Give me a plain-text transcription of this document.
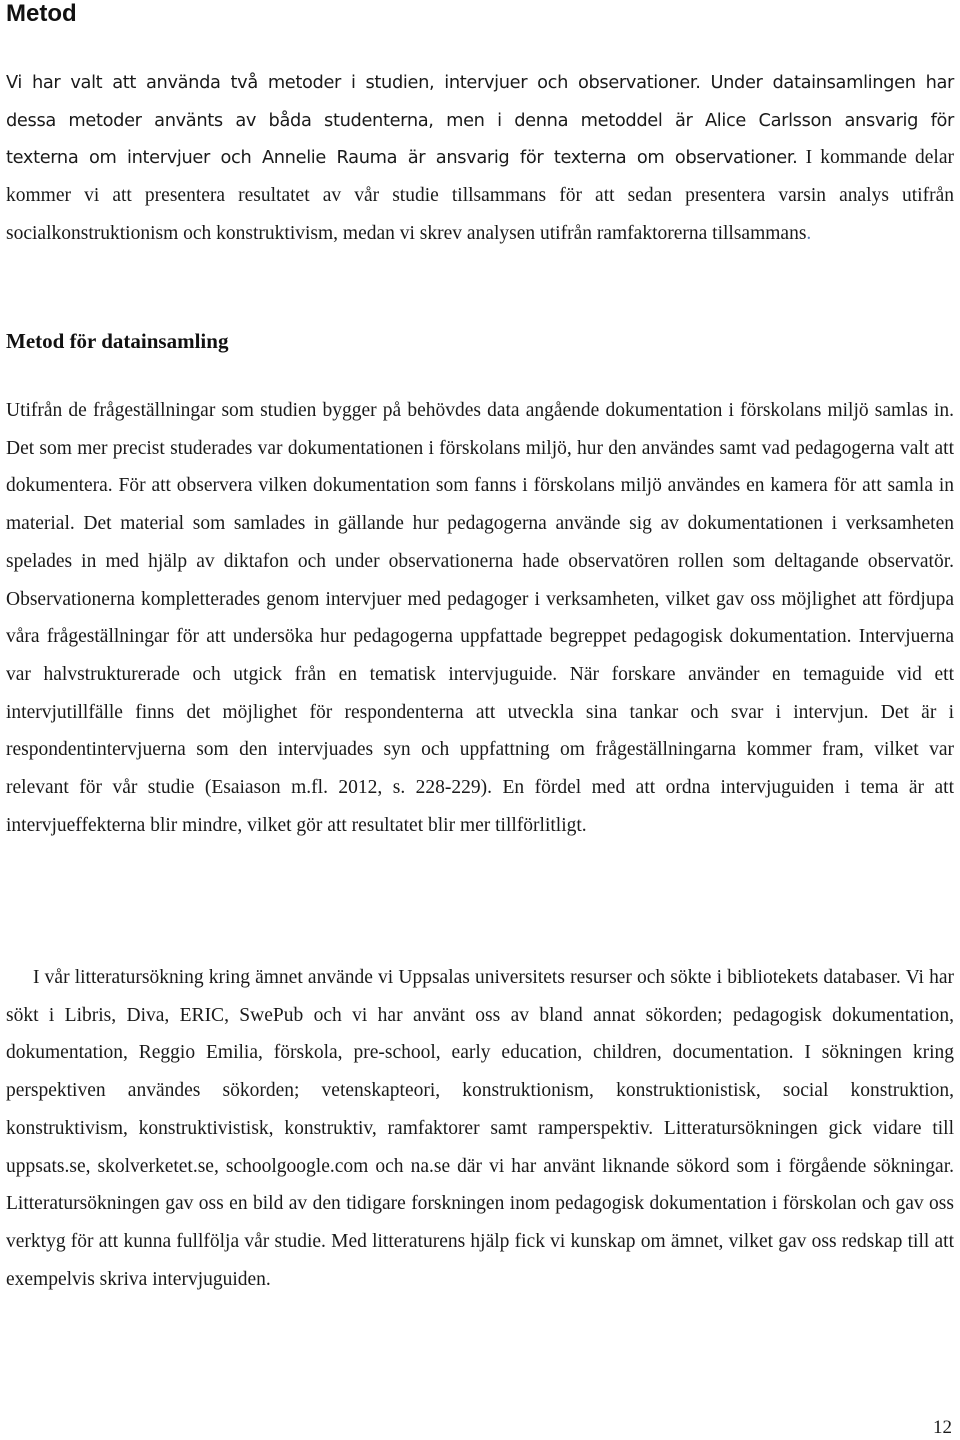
Metod

Vi har valt att använda två metoder i studien, intervjuer och observationer. Under datainsamlingen har dessa metoder använts av båda studenterna, men i denna metoddel är Alice Carlsson ansvarig för texterna om intervjuer och Annelie Rauma är ansvarig för texterna om observationer. I kommande delar kommer vi att presentera resultatet av vår studie tillsammans för att sedan presentera varsin analys utifrån socialkonstruktionism och konstruktivism, medan vi skrev analysen utifrån ramfaktorerna tillsammans.

Metod för datainsamling

Utifrån de frågeställningar som studien bygger på behövdes data angående dokumentation i förskolans miljö samlas in. Det som mer precist studerades var dokumentationen i förskolans miljö, hur den användes samt vad pedagogerna valt att dokumentera. För att observera vilken dokumentation som fanns i förskolans miljö användes en kamera för att samla in material. Det material som samlades in gällande hur pedagogerna använde sig av dokumentationen i verksamheten spelades in med hjälp av diktafon och under observationerna hade observatören rollen som deltagande observatör. Observationerna kompletterades genom intervjuer med pedagoger i verksamheten, vilket gav oss möjlighet att fördjupa våra frågeställningar för att undersöka hur pedagogerna uppfattade begreppet pedagogisk dokumentation. Intervjuerna var halvstrukturerade och utgick från en tematisk intervjuguide. När forskare använder en temaguide vid ett intervjutillfälle finns det möjlighet för respondenterna att utveckla sina tankar och svar i intervjun. Det är i respondentintervjuerna som den intervjuades syn och uppfattning om frågeställningarna kommer fram, vilket var relevant för vår studie (Esaiason m.fl. 2012, s. 228-229). En fördel med att ordna intervjuguiden i tema är att intervjueffekterna blir mindre, vilket gör att resultatet blir mer tillförlitligt.

I vår litteratursökning kring ämnet använde vi Uppsalas universitets resurser och sökte i bibliotekets databaser. Vi har sökt i Libris, Diva, ERIC, SwePub och vi har använt oss av bland annat sökorden; pedagogisk dokumentation, dokumentation, Reggio Emilia, förskola, pre-school, early education, children, documentation. I sökningen kring perspektiven användes sökorden; vetenskapteori, konstruktionism, konstruktionistisk, social konstruktion, konstruktivism, konstruktivistisk, konstruktiv, ramfaktorer samt ramperspektiv. Litteratursökningen gick vidare till uppsats.se, skolverketet.se, schoolgoogle.com och na.se där vi har använt liknande sökord som i förgående sökningar. Litteratursökningen gav oss en bild av den tidigare forskningen inom pedagogisk dokumentation i förskolan och gav oss verktyg för att kunna fullfölja vår studie. Med litteraturens hjälp fick vi kunskap om ämnet, vilket gav oss redskap till att exempelvis skriva intervjuguiden.

12
